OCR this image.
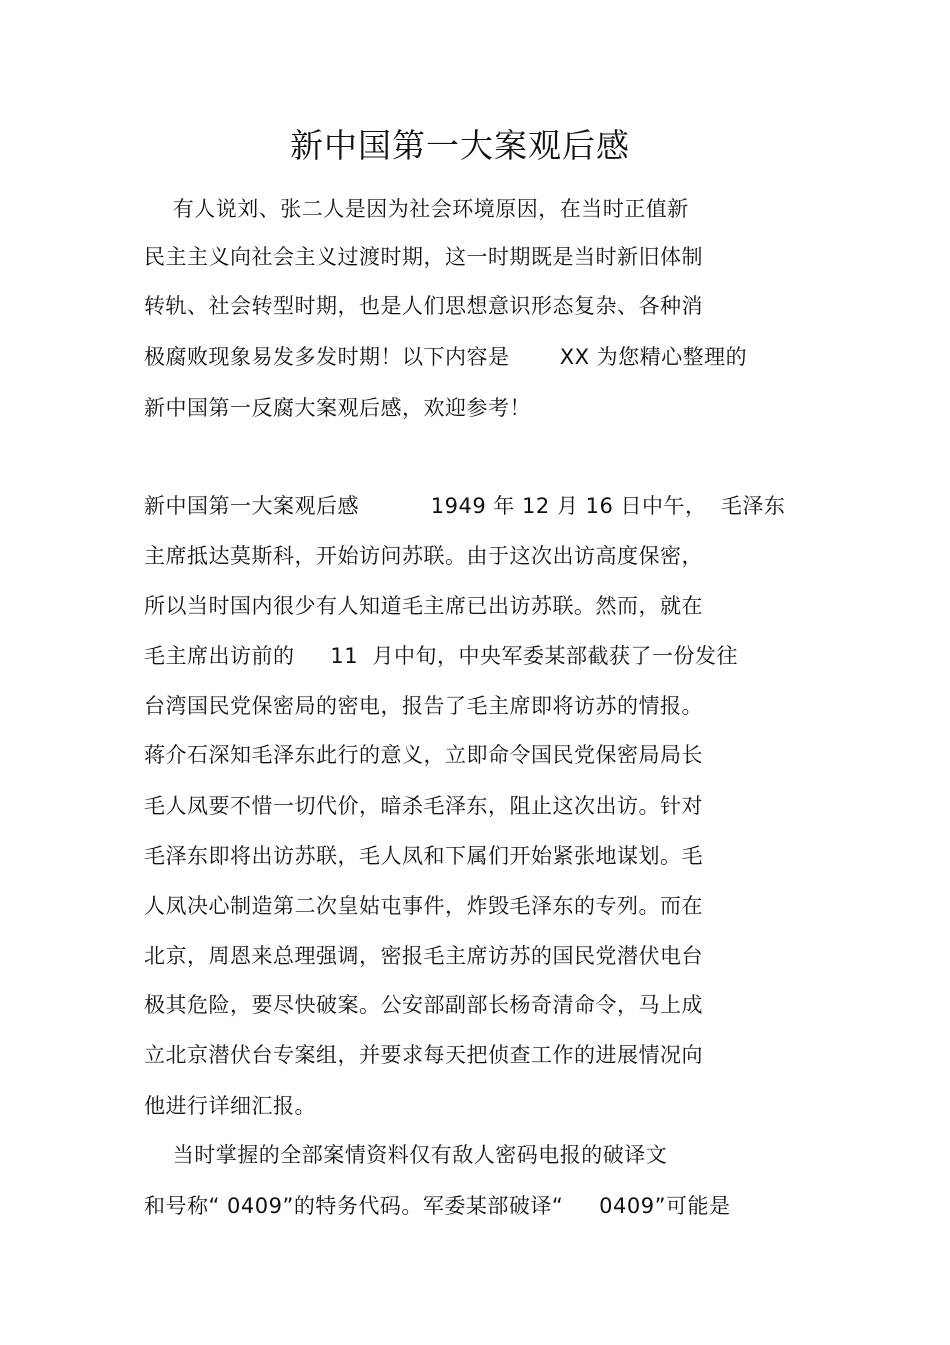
新中国第一大案观后感
有人说刘、张二人是因为社会环境原因，在当时正值新
民主主义向社会主义过渡时期，这一时期既是当时新旧体制
转轨、社会转型时期，也是人们思想意识形态复杂、各种消
极腐败现象易发多发时期！以下内容是       XX 为您精心整理的
新中国第一反腐大案观后感，欢迎参考！
新中国第一大案观后感          1949 年 12 月 16 日中午，  毛泽东
主席抵达莫斯科，开始访问苏联。由于这次出访高度保密，
所以当时国内很少有人知道毛主席已出访苏联。然而，就在
毛主席出访前的     11  月中旬，中央军委某部截获了一份发往
台湾国民党保密局的密电，报告了毛主席即将访苏的情报。
蒋介石深知毛泽东此行的意义，立即命令国民党保密局局长
毛人凤要不惜一切代价，暗杀毛泽东，阻止这次出访。针对
毛泽东即将出访苏联，毛人凤和下属们开始紧张地谋划。毛
人凤决心制造第二次皇姑屯事件，炸毁毛泽东的专列。而在
北京，周恩来总理强调，密报毛主席访苏的国民党潜伏电台
极其危险，要尽快破案。公安部副部长杨奇清命令，马上成
立北京潜伏台专案组，并要求每天把侦查工作的进展情况向
他进行详细汇报。
当时掌握的全部案情资料仅有敌人密码电报的破译文
和号称“ 0409”的特务代码。军委某部破译“     0409”可能是
